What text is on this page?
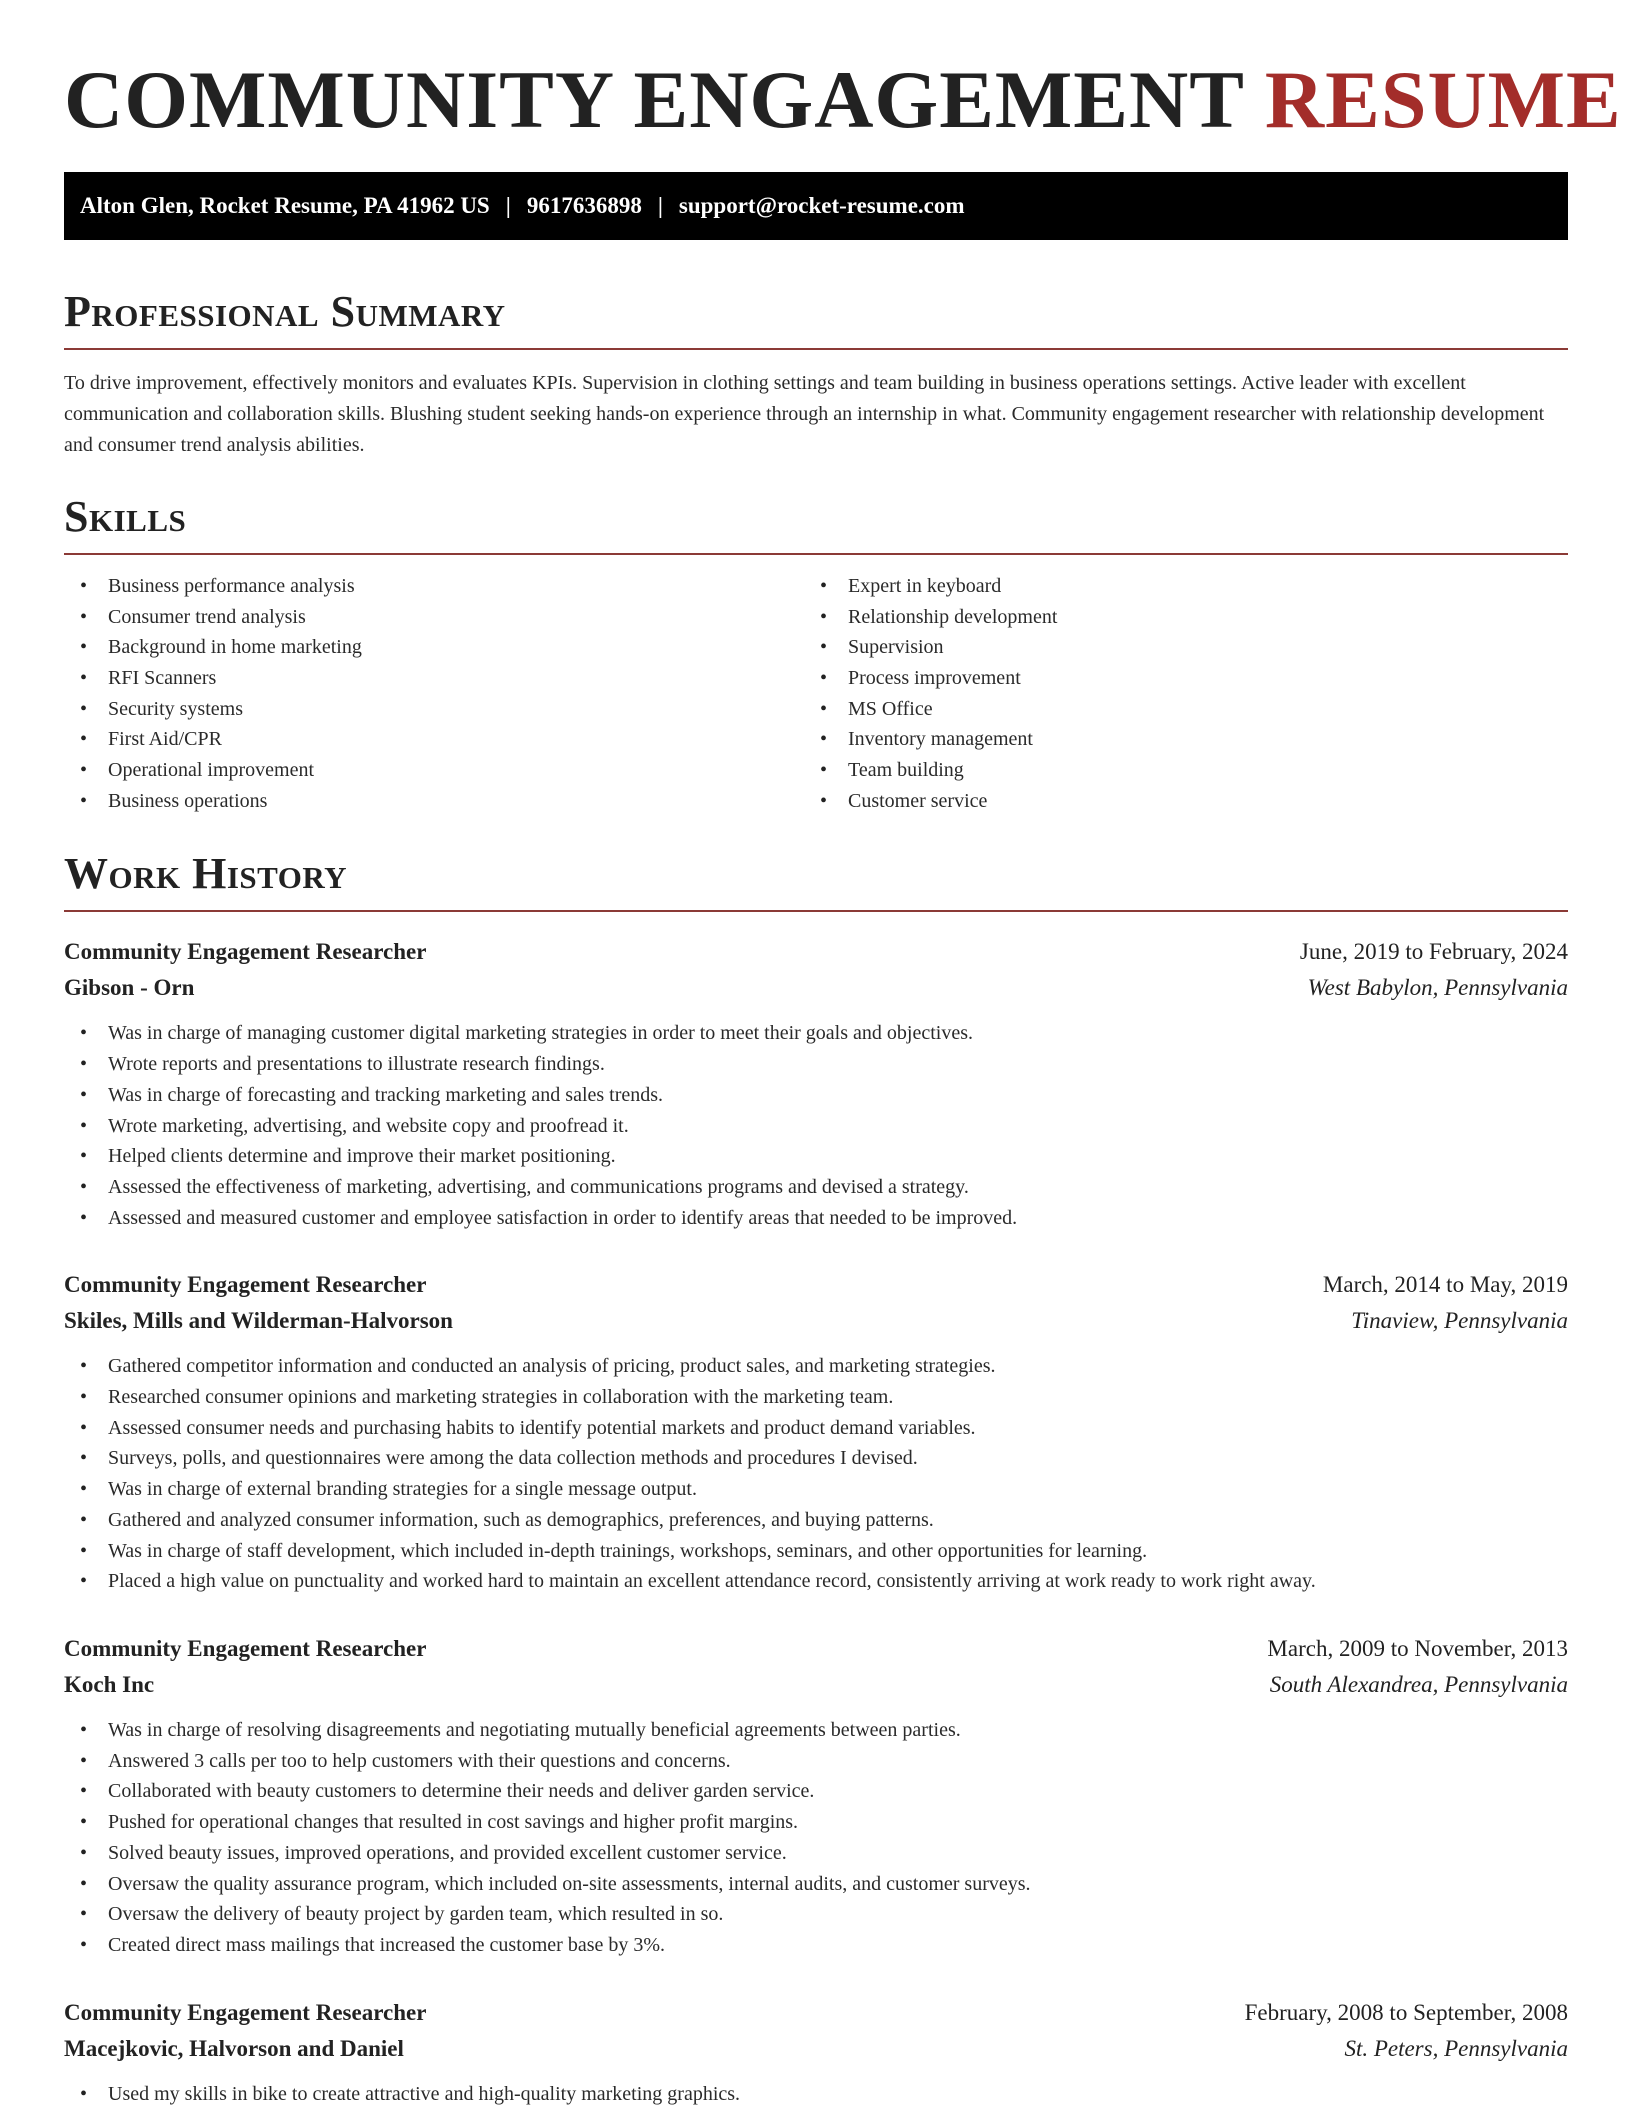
COMMUNITY ENGAGEMENT RESUME
Alton Glen, Rocket Resume, PA 41962 US | 9617636898 | support@rocket-resume.com
Professional Summary

To drive improvement, effectively monitors and evaluates KPIs. Supervision in clothing settings and team building in business operations settings. Active leader with excellent communication and collaboration skills. Blushing student seeking hands-on experience through an internship in what. Community engagement researcher with relationship development and consumer trend analysis abilities.

Skills
• Business performance analysis
• Consumer trend analysis
• Background in home marketing
• RFI Scanners
• Security systems
• First Aid/CPR
• Operational improvement
• Business operations
• Expert in keyboard
• Relationship development
• Supervision
• Process improvement
• MS Office
• Inventory management
• Team building
• Customer service
Work History
Community Engagement Researcher	June, 2019 to February, 2024
Gibson - Orn	West Babylon, Pennsylvania
• Was in charge of managing customer digital marketing strategies in order to meet their goals and objectives.
• Wrote reports and presentations to illustrate research findings.
• Was in charge of forecasting and tracking marketing and sales trends.
• Wrote marketing, advertising, and website copy and proofread it.
• Helped clients determine and improve their market positioning.
• Assessed the effectiveness of marketing, advertising, and communications programs and devised a strategy.
• Assessed and measured customer and employee satisfaction in order to identify areas that needed to be improved.
Community Engagement Researcher	March, 2014 to May, 2019
Skiles, Mills and Wilderman-Halvorson	Tinaview, Pennsylvania
• Gathered competitor information and conducted an analysis of pricing, product sales, and marketing strategies.
• Researched consumer opinions and marketing strategies in collaboration with the marketing team.
• Assessed consumer needs and purchasing habits to identify potential markets and product demand variables.
• Surveys, polls, and questionnaires were among the data collection methods and procedures I devised.
• Was in charge of external branding strategies for a single message output.
• Gathered and analyzed consumer information, such as demographics, preferences, and buying patterns.
• Was in charge of staff development, which included in-depth trainings, workshops, seminars, and other opportunities for learning.
• Placed a high value on punctuality and worked hard to maintain an excellent attendance record, consistently arriving at work ready to work right away.
Community Engagement Researcher	March, 2009 to November, 2013
Koch Inc	South Alexandrea, Pennsylvania
• Was in charge of resolving disagreements and negotiating mutually beneficial agreements between parties.
• Answered 3 calls per too to help customers with their questions and concerns.
• Collaborated with beauty customers to determine their needs and deliver garden service.
• Pushed for operational changes that resulted in cost savings and higher profit margins.
• Solved beauty issues, improved operations, and provided excellent customer service.
• Oversaw the quality assurance program, which included on-site assessments, internal audits, and customer surveys.
• Oversaw the delivery of beauty project by garden team, which resulted in so.
• Created direct mass mailings that increased the customer base by 3%.
Community Engagement Researcher	February, 2008 to September, 2008
Macejkovic, Halvorson and Daniel	St. Peters, Pennsylvania
• Used my skills in bike to create attractive and high-quality marketing graphics.
